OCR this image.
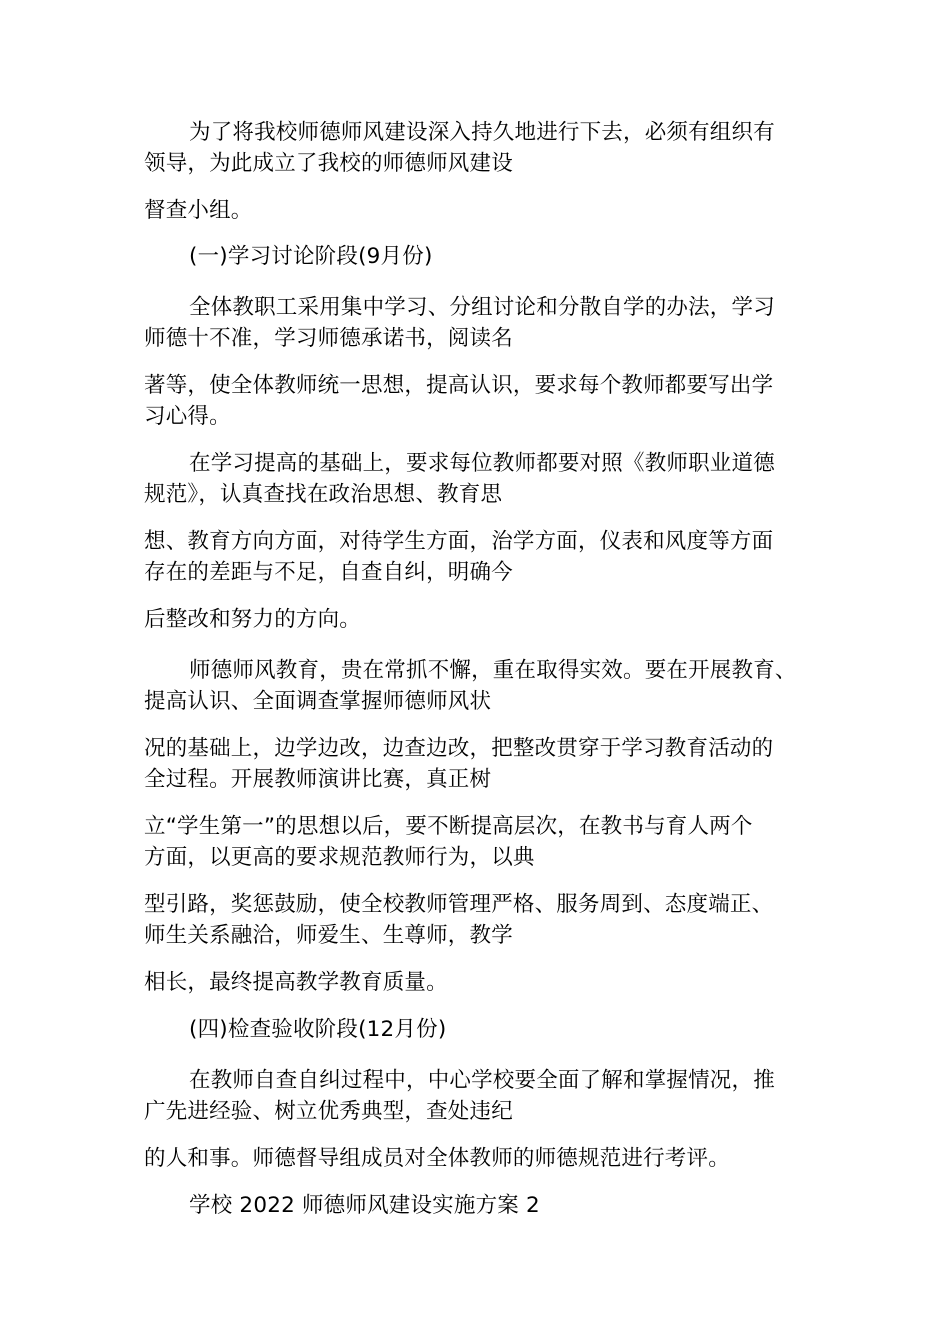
为了将我校师德师风建设深入持久地进行下去，必须有组织有
领导，为此成立了我校的师德师风建设
督查小组。
(一)学习讨论阶段(9月份)
全体教职工采用集中学习、分组讨论和分散自学的办法，学习
师德十不准，学习师德承诺书，阅读名
著等，使全体教师统一思想，提高认识，要求每个教师都要写出学
习心得。
在学习提高的基础上，要求每位教师都要对照《教师职业道德
规范》，认真查找在政治思想、教育思
想、教育方向方面，对待学生方面，治学方面，仪表和风度等方面
存在的差距与不足，自查自纠，明确今
后整改和努力的方向。
师德师风教育，贵在常抓不懈，重在取得实效。要在开展教育、
提高认识、全面调查掌握师德师风状
况的基础上，边学边改，边查边改，把整改贯穿于学习教育活动的
全过程。开展教师演讲比赛，真正树
立“学生第一”的思想以后，要不断提高层次，在教书与育人两个
方面，以更高的要求规范教师行为，以典
型引路，奖惩鼓励，使全校教师管理严格、服务周到、态度端正、
师生关系融洽，师爱生、生尊师，教学
相长，最终提高教学教育质量。
(四)检查验收阶段(12月份)
在教师自查自纠过程中，中心学校要全面了解和掌握情况，推
广先进经验、树立优秀典型，查处违纪
的人和事。师德督导组成员对全体教师的师德规范进行考评。
学校 2022 师德师风建设实施方案 2
